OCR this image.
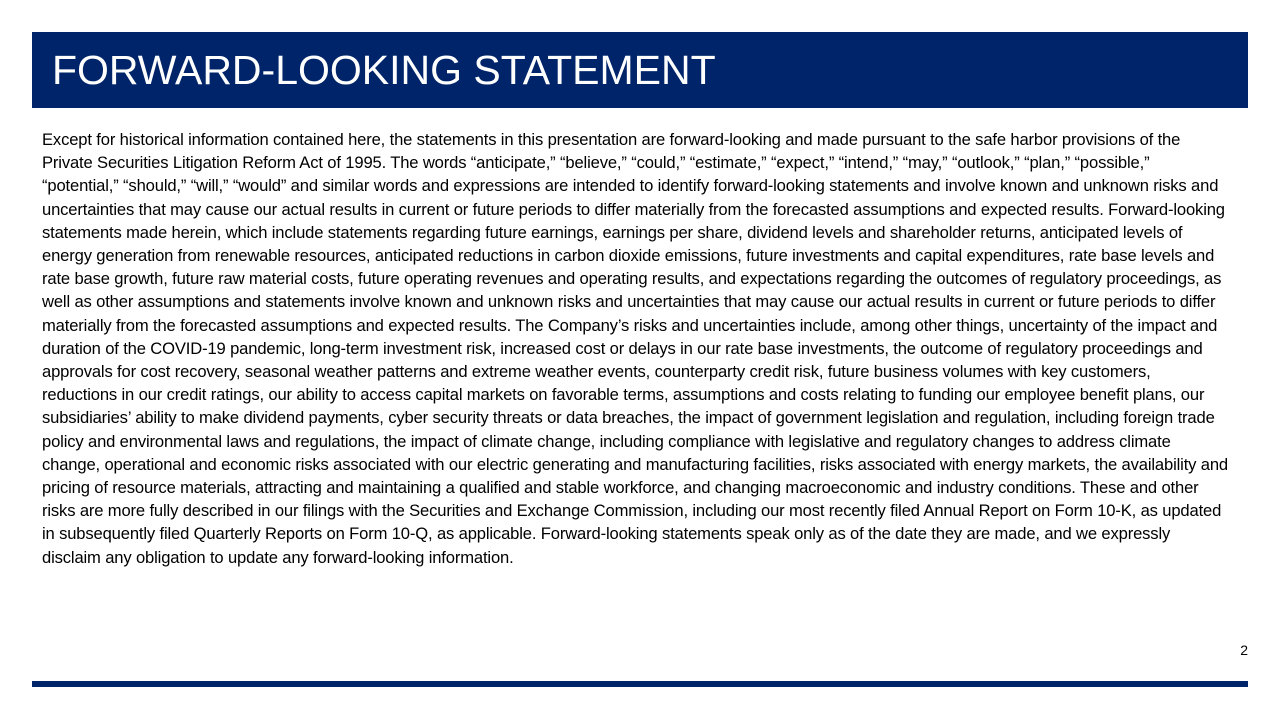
FORWARD-LOOKING STATEMENT

Except for historical information contained here, the statements in this presentation are forward-looking and made pursuant to the safe harbor provisions of the Private Securities Litigation Reform Act of 1995. The words “anticipate,” “believe,” “could,” “estimate,” “expect,” “intend,” “may,” “outlook,” “plan,” “possible,” “potential,” “should,” “will,” “would” and similar words and expressions are intended to identify forward-looking statements and involve known and unknown risks and uncertainties that may cause our actual results in current or future periods to differ materially from the forecasted assumptions and expected results. Forward-looking statements made herein, which include statements regarding future earnings, earnings per share, dividend levels and shareholder returns, anticipated levels of energy generation from renewable resources, anticipated reductions in carbon dioxide emissions, future investments and capital expenditures, rate base levels and rate base growth, future raw material costs, future operating revenues and operating results, and expectations regarding the outcomes of regulatory proceedings, as well as other assumptions and statements involve known and unknown risks and uncertainties that may cause our actual results in current or future periods to differ materially from the forecasted assumptions and expected results. The Company’s risks and uncertainties include, among other things, uncertainty of the impact and duration of the COVID-19 pandemic, long-term investment risk, increased cost or delays in our rate base investments, the outcome of regulatory proceedings and approvals for cost recovery, seasonal weather patterns and extreme weather events, counterparty credit risk, future business volumes with key customers, reductions in our credit ratings, our ability to access capital markets on favorable terms, assumptions and costs relating to funding our employee benefit plans, our subsidiaries’ ability to make dividend payments, cyber security threats or data breaches, the impact of government legislation and regulation, including foreign trade policy and environmental laws and regulations, the impact of climate change, including compliance with legislative and regulatory changes to address climate change, operational and economic risks associated with our electric generating and manufacturing facilities, risks associated with energy markets, the availability and pricing of resource materials, attracting and maintaining a qualified and stable workforce, and changing macroeconomic and industry conditions. These and other risks are more fully described in our filings with the Securities and Exchange Commission, including our most recently filed Annual Report on Form 10-K, as updated in subsequently filed Quarterly Reports on Form 10-Q, as applicable. Forward-looking statements speak only as of the date they are made, and we expressly disclaim any obligation to update any forward-looking information.

2
